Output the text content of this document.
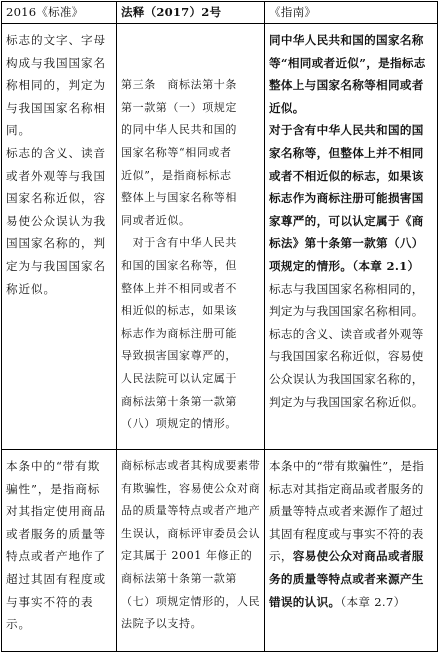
2016《标准》	法释（2017）2号	《指南》
标志的文字、字母构成与我国国家名称相同的，判定为与我国国家名称相同。
标志的含义、读音或者外观等与我国国家名称近似，容易使公众误认为我国国家名称的，判定为与我国国家名称近似。

第三条　商标法第十条
第一款第（一）项规定
的同中华人民共和国的
国家名称等“相同或者
近似”，是指商标标志
整体上与国家名称等相
同或者近似。
　对于含有中华人民共
和国的国家名称等，但
整体上并不相同或者不
相近似的标志，如果该
标志作为商标注册可能
导致损害国家尊严的，
人民法院可以认定属于
商标法第十条第一款第
（八）项规定的情形。

同中华人民共和国的国家名称等“相同或者近似”，是指标志整体上与国家名称等相同或者近似。
对于含有中华人民共和国的国家名称等，但整体上并不相同或者不相近似的标志，如果该标志作为商标注册可能损害国家尊严的，可以认定属于《商标法》第十条第一款第（八）项规定的情形。（本章 2.1）
标志与我国国家名称相同的，判定为与我国国家名称相同。
标志的含义、读音或者外观等与我国国家名称近似，容易使公众误认为我国国家名称的，判定为与我国国家名称近似。
本条中的“带有欺骗性”，是指商标对其指定使用商品或者服务的质量等特点或者产地作了超过其固有程度或与事实不符的表示。
商标标志或者其构成要素带有欺骗性，容易使公众对商品的质量等特点或者产地产生误认，商标评审委员会认定其属于 2001 年修正的商标法第十条第一款第（七）项规定情形的，人民法院予以支持。
本条中的“带有欺骗性”，是指标志对其指定商品或者服务的质量等特点或者来源作了超过其固有程度或与事实不符的表示，容易使公众对商品或者服务的质量等特点或者来源产生错误的认识。（本章 2.7）
